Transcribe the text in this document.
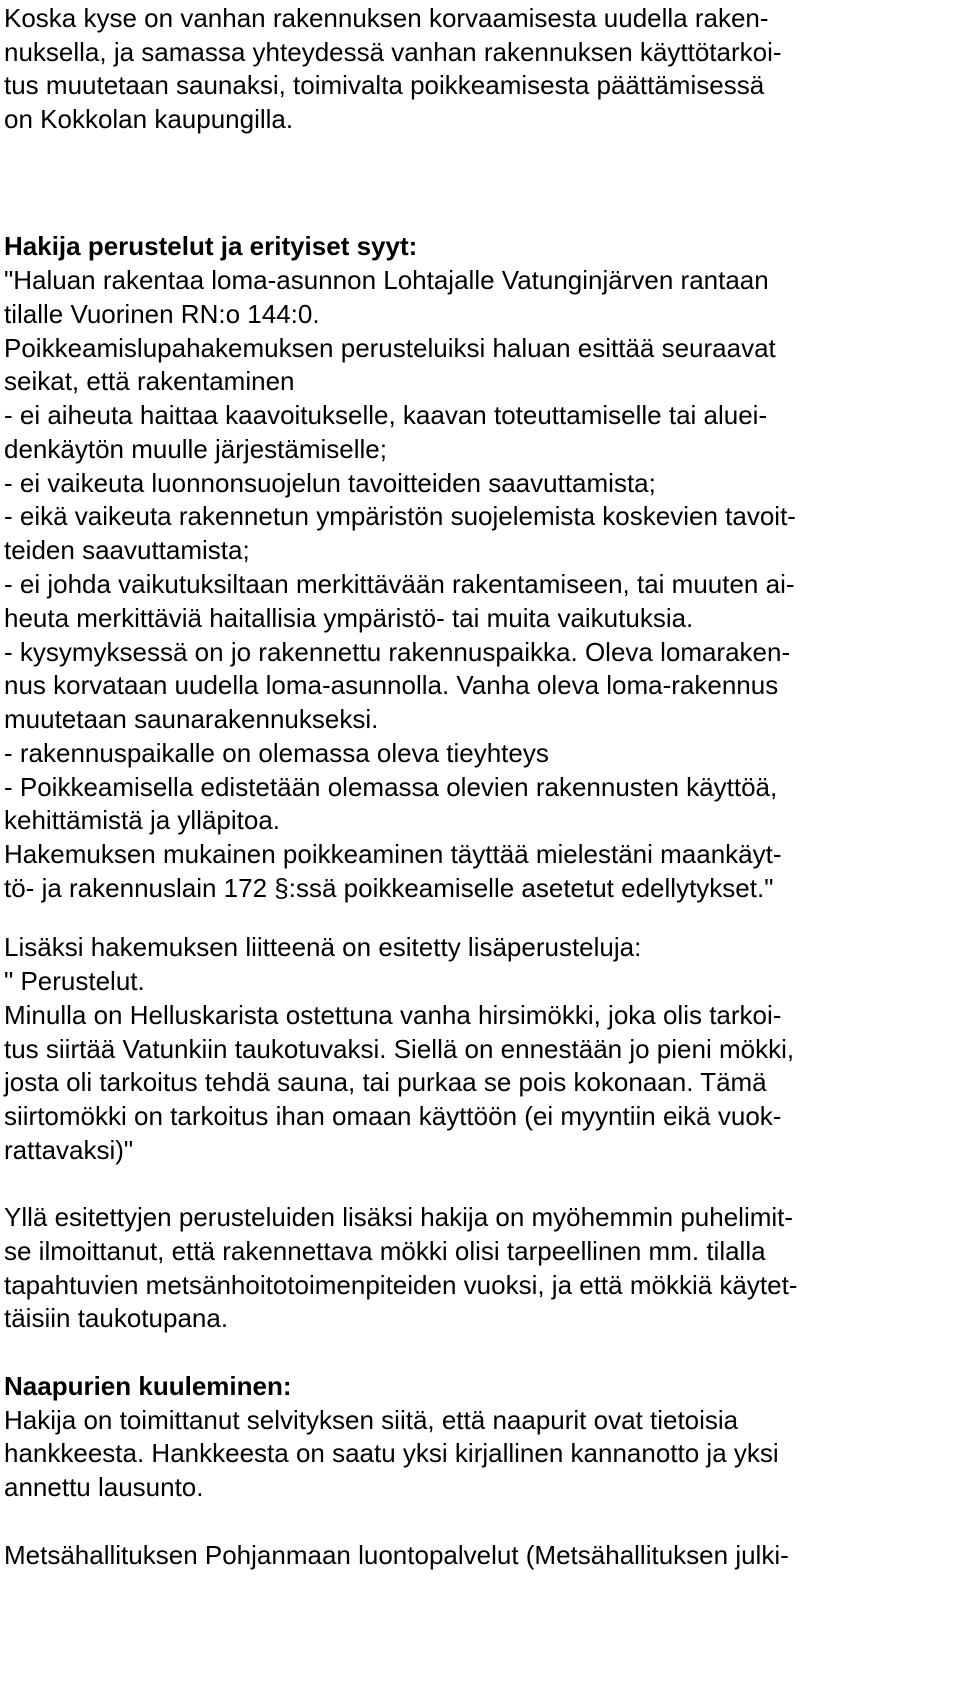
Koska kyse on vanhan rakennuksen korvaamisesta uudella raken-
nuksella, ja samassa yhteydessä vanhan rakennuksen käyttötarkoi-
tus muutetaan saunaksi, toimivalta poikkeamisesta päättämisessä
on Kokkolan kaupungilla.
Hakija perustelut ja erityiset syyt:
"Haluan rakentaa loma-asunnon Lohtajalle Vatunginjärven rantaan
tilalle Vuorinen RN:o 144:0.
Poikkeamislupahakemuksen perusteluiksi haluan esittää seuraavat
seikat, että rakentaminen
- ei aiheuta haittaa kaavoitukselle, kaavan toteuttamiselle tai aluei-
denkäytön muulle järjestämiselle;
- ei vaikeuta luonnonsuojelun tavoitteiden saavuttamista;
- eikä vaikeuta rakennetun ympäristön suojelemista koskevien tavoit-
teiden saavuttamista;
- ei johda vaikutuksiltaan merkittävään rakentamiseen, tai muuten ai-
heuta merkittäviä haitallisia ympäristö- tai muita vaikutuksia.
- kysymyksessä on jo rakennettu rakennuspaikka. Oleva lomaraken-
nus korvataan uudella loma-asunnolla. Vanha oleva loma-rakennus
muutetaan saunarakennukseksi.
- rakennuspaikalle on olemassa oleva tieyhteys
- Poikkeamisella edistetään olemassa olevien rakennusten käyttöä,
kehittämistä ja ylläpitoa.
Hakemuksen mukainen poikkeaminen täyttää mielestäni maankäyt-
tö- ja rakennuslain 172 §:ssä poikkeamiselle asetetut edellytykset."
Lisäksi hakemuksen liitteenä on esitetty lisäperusteluja:
" Perustelut.
Minulla on Helluskarista ostettuna vanha hirsimökki, joka olis tarkoi-
tus siirtää Vatunkiin taukotuvaksi. Siellä on ennestään jo pieni mökki,
josta oli tarkoitus tehdä sauna, tai purkaa se pois kokonaan. Tämä
siirtomökki on tarkoitus ihan omaan käyttöön (ei myyntiin eikä vuok-
rattavaksi)"
Yllä esitettyjen perusteluiden lisäksi hakija on myöhemmin puhelimit-
se ilmoittanut, että rakennettava mökki olisi tarpeellinen mm. tilalla
tapahtuvien metsänhoitotoimenpiteiden vuoksi, ja että mökkiä käytet-
täisiin taukotupana.
Naapurien kuuleminen:
Hakija on toimittanut selvityksen siitä, että naapurit ovat tietoisia
hankkeesta. Hankkeesta on saatu yksi kirjallinen kannanotto ja yksi
annettu lausunto.
Metsähallituksen Pohjanmaan luontopalvelut (Metsähallituksen julki-
